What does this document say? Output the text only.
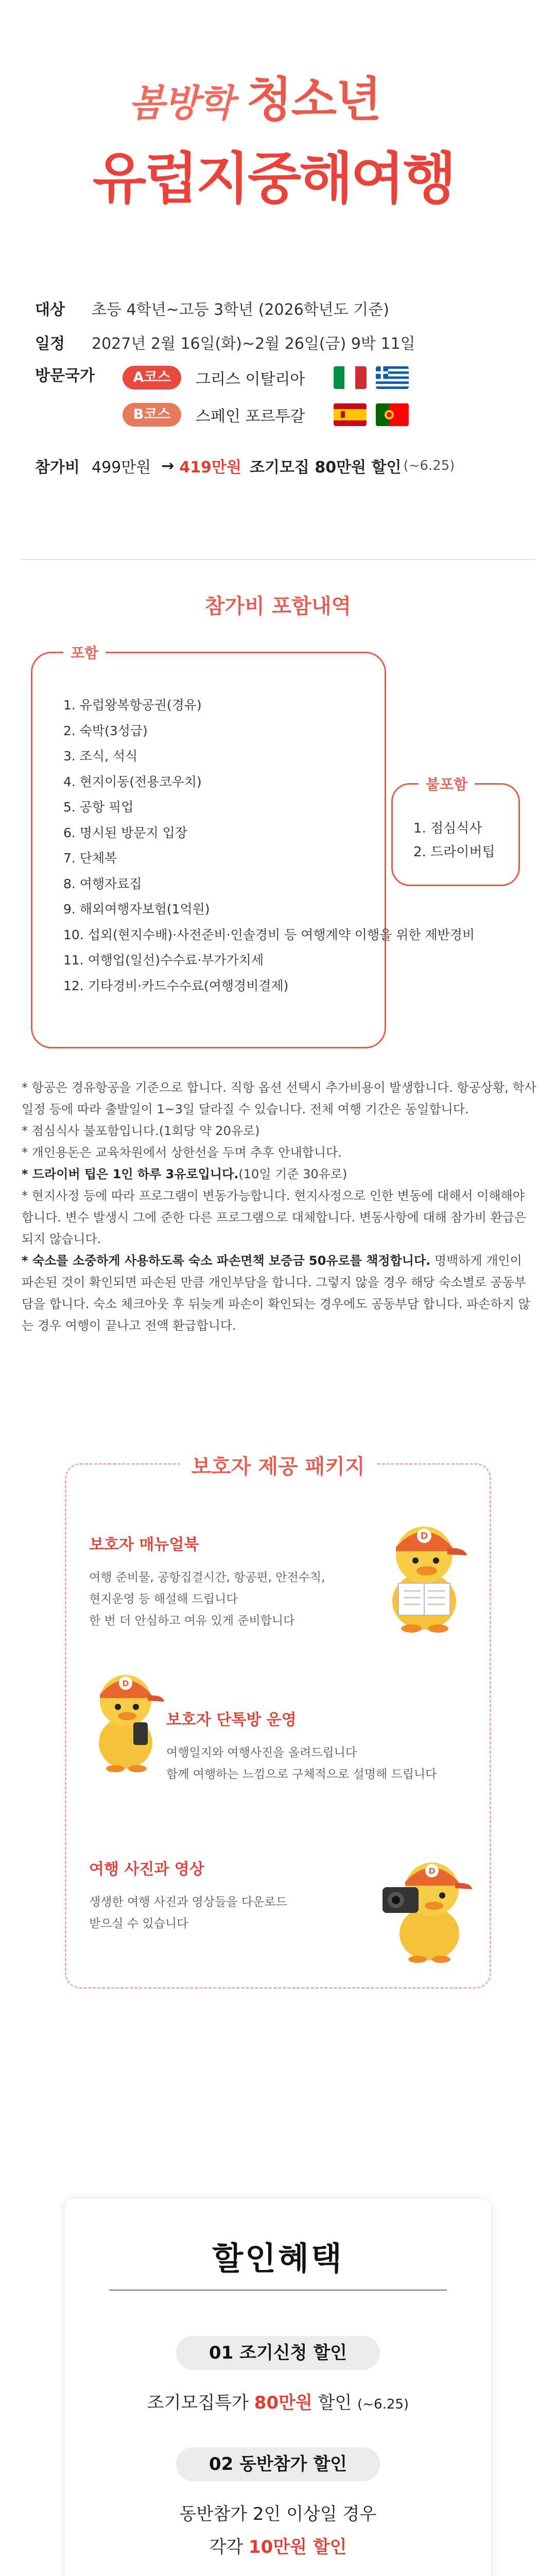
봄방학 청소년
유럽지중해여행
대상	초등 4학년~고등 3학년 (2026학년도 기준)
일정	2027년 2월 16일(화)~2월 26일(금) 9박 11일
방문국가	A코스	그리스 이탈리아
B코스	스페인 포르투갈
참가비 499만원 → 419만원 조기모집 80만원 할인 (~6.25)
참가비 포함내역
포함
1. 유럽왕복항공권(경유)
2. 숙박(3성급)
3. 조식, 석식
4. 현지이동(전용코우치)
5. 공항 픽업
6. 명시된 방문지 입장
7. 단체복
8. 여행자료집
9. 해외여행자보험(1억원)
10. 섭외(현지수배)·사전준비·인솔경비 등 여행계약 이행을 위한 제반경비
11. 여행업(일선)수수료·부가가치세
12. 기타경비·카드수수료(여행경비결제)
불포함
1. 점심식사
2. 드라이버팁

* 항공은 경유항공을 기준으로 합니다. 직항 옵션 선택시 추가비용이 발생합니다. 항공상황, 학사일정 등에 따라 출발일이 1~3일 달라질 수 있습니다. 전체 여행 기간은 동일합니다.

* 점심식사 불포함입니다.(1회당 약 20유로)

* 개인용돈은 교육차원에서 상한선을 두며 추후 안내합니다.

* 드라이버 팁은 1인 하루 3유로입니다.(10일 기준 30유로)

* 현지사정 등에 따라 프로그램이 변동가능합니다. 현지사정으로 인한 변동에 대해서 이해해야 합니다. 변수 발생시 그에 준한 다른 프로그램으로 대체합니다. 변동사항에 대해 참가비 환급은 되지 않습니다.

* 숙소를 소중하게 사용하도록 숙소 파손면책 보증금 50유로를 책정합니다. 명백하게 개인이 파손된 것이 확인되면 파손된 만큼 개인부담을 합니다. 그렇지 않을 경우 해당 숙소별로 공동부담을 합니다. 숙소 체크아웃 후 뒤늦게 파손이 확인되는 경우에도 공동부담 합니다. 파손하지 않는 경우 여행이 끝나고 전액 환급합니다.

보호자 제공 패키지
보호자 매뉴얼북
여행 준비물, 공항집결시간, 항공편, 안전수칙,
현지운영 등 해설해 드립니다
한 번 더 안심하고 여유 있게 준비합니다
보호자 단톡방 운영
여행일지와 여행사진을 올려드립니다
함께 여행하는 느낌으로 구체적으로 설명해 드립니다
여행 사진과 영상
생생한 여행 사진과 영상들을 다운로드
받으실 수 있습니다
D
D
D
할인혜택
01 조기신청 할인
조기모집특가 80만원 할인 (~6.25)
02 동반참가 할인
동반참가 2인 이상일 경우
각각 10만원 할인
